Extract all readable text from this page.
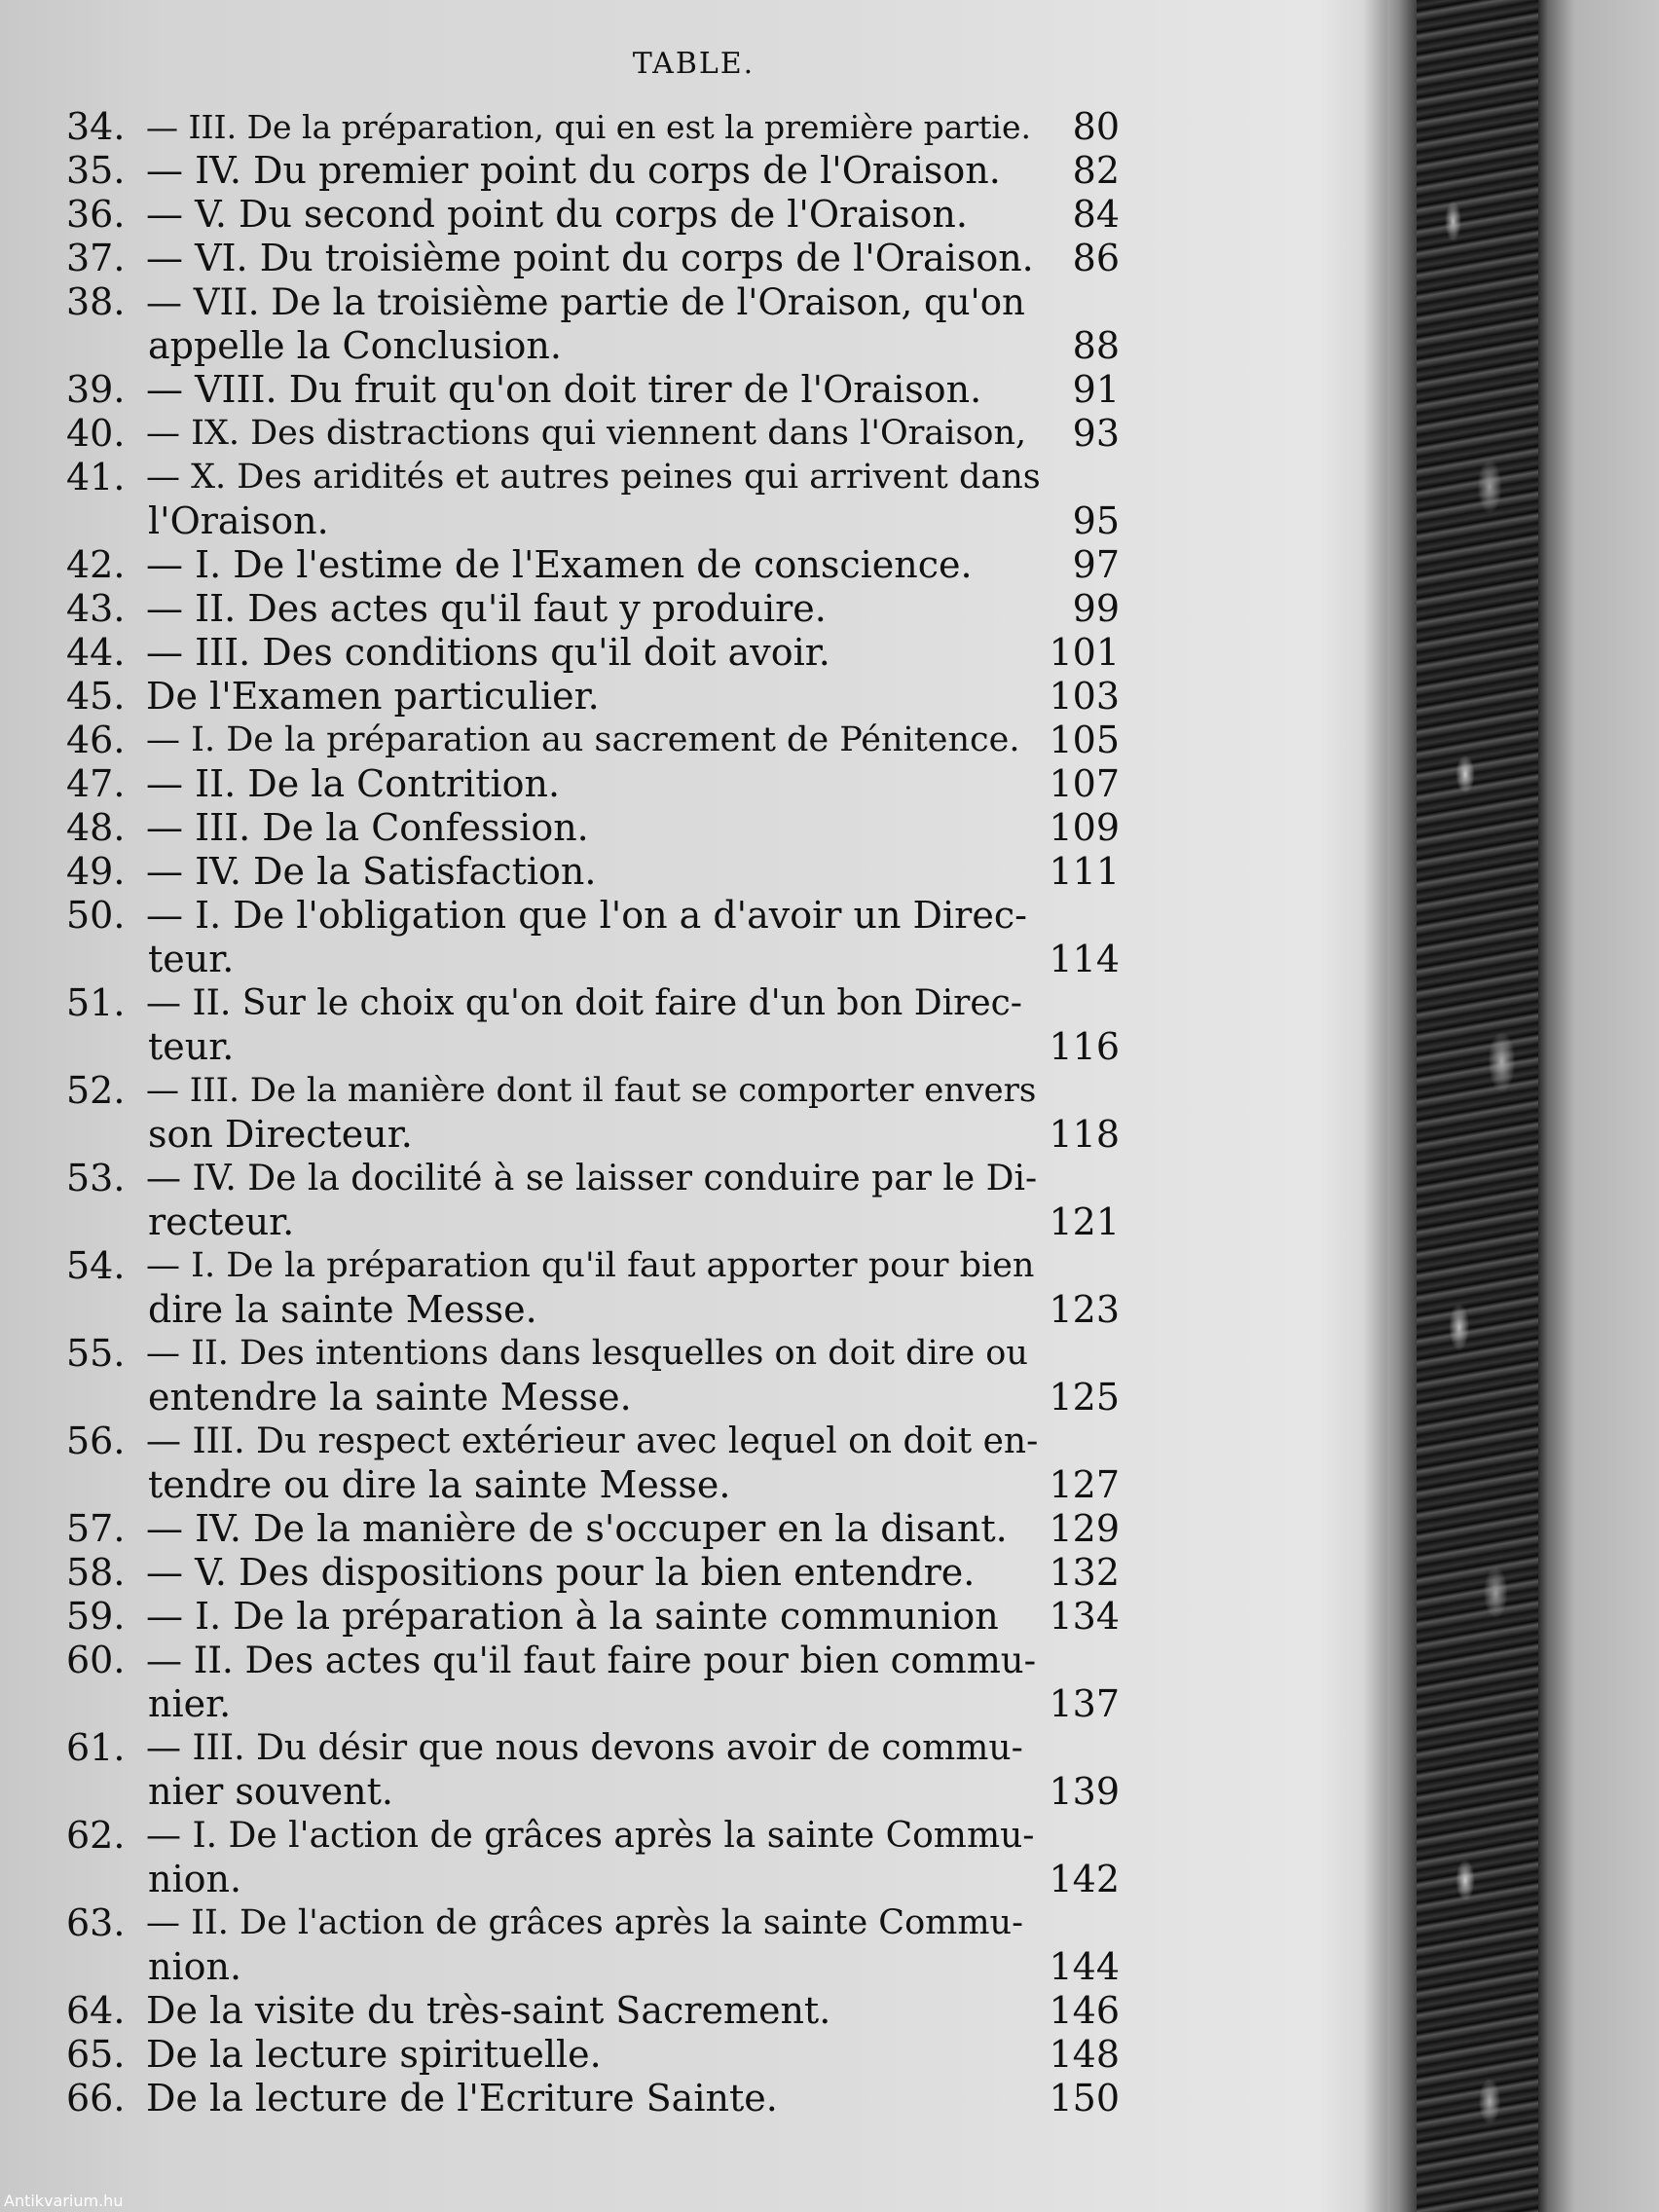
TABLE.
34. — III. De la préparation, qui en est la première partie. 80
35. — IV. Du premier point du corps de l'Oraison. 82
36. — V. Du second point du corps de l'Oraison.	84
37. — VI. Du troisième point du corps de l'Oraison. 86
38. — VII. De la troisième partie de l'Oraison, qu'on
appelle la Conclusion.	88
39. — VIII. Du fruit qu'on doit tirer de l'Oraison. 91
40. — IX. Des distractions qui viennent dans l'Oraison, 93
41. — X. Des aridités et autres peines qui arrivent dans
l'Oraison.	95
42. — I. De l'estime de l'Examen de conscience.	97
43. — II. Des actes qu'il faut y produire.	99
44. — III. Des conditions qu'il doit avoir.	101
45. De l'Examen particulier.	103
46. — I. De la préparation au sacrement de Pénitence. 105
47. — II. De la Contrition.	107
48. — III. De la Confession.	109
49. — IV. De la Satisfaction.	111
50. — I. De l'obligation que l'on a d'avoir un Direc-
teur.	114
51. — II. Sur le choix qu'on doit faire d'un bon Direc-
teur.	116
52. — III. De la manière dont il faut se comporter envers
son Directeur.	118
53. — IV. De la docilité à se laisser conduire par le Di-
recteur.	121
54. — I. De la préparation qu'il faut apporter pour bien
dire la sainte Messe.	123
55. — II. Des intentions dans lesquelles on doit dire ou
entendre la sainte Messe.	125
56. — III. Du respect extérieur avec lequel on doit en-
tendre ou dire la sainte Messe.	127
57. — IV. De la manière de s'occuper en la disant. 129
58. — V. Des dispositions pour la bien entendre. 132
59. — I. De la préparation à la sainte communion 134
60. — II. Des actes qu'il faut faire pour bien commu-
nier.	137
61. — III. Du désir que nous devons avoir de commu-
nier souvent.	139
62. — I. De l'action de grâces après la sainte Commu-
nion.	142
63. — II. De l'action de grâces après la sainte Commu-
nion.	144
64. De la visite du très-saint Sacrement.	146
65. De la lecture spirituelle.	148
66. De la lecture de l'Ecriture Sainte.	150
Antikvarium.hu
